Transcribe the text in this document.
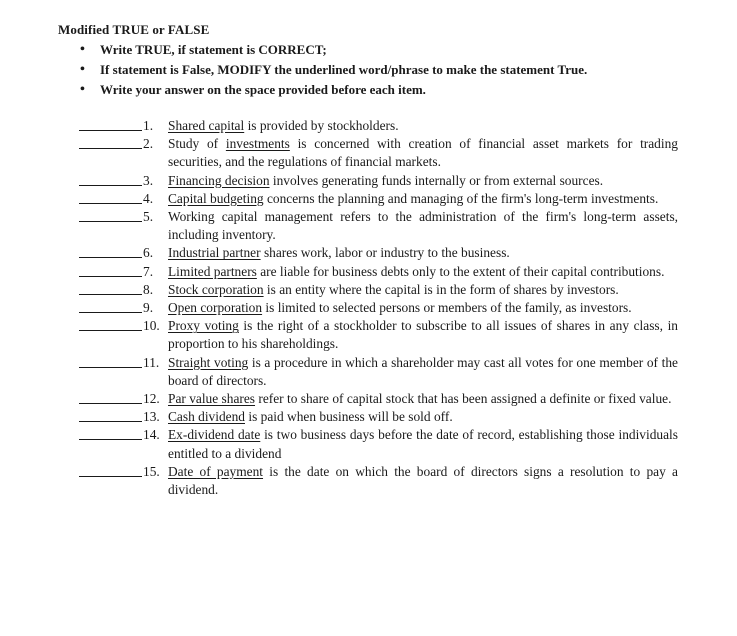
Modified TRUE or FALSE
• Write TRUE, if statement is CORRECT;
• If statement is False, MODIFY the underlined word/phrase to make the statement True.
• Write your answer on the space provided before each item.
1. Shared capital is provided by stockholders.
2. Study of investments is concerned with creation of financial asset markets for trading securities, and the regulations of financial markets.
3. Financing decision involves generating funds internally or from external sources.
4. Capital budgeting concerns the planning and managing of the firm's long-term investments.
5. Working capital management refers to the administration of the firm's long-term assets, including inventory.
6. Industrial partner shares work, labor or industry to the business.
7. Limited partners are liable for business debts only to the extent of their capital contributions.
8. Stock corporation is an entity where the capital is in the form of shares by investors.
9. Open corporation is limited to selected persons or members of the family, as investors.
10. Proxy voting is the right of a stockholder to subscribe to all issues of shares in any class, in proportion to his shareholdings.
11. Straight voting is a procedure in which a shareholder may cast all votes for one member of the board of directors.
12. Par value shares refer to share of capital stock that has been assigned a definite or fixed value.
13. Cash dividend is paid when business will be sold off.
14. Ex-dividend date is two business days before the date of record, establishing those individuals entitled to a dividend
15. Date of payment is the date on which the board of directors signs a resolution to pay a dividend.
